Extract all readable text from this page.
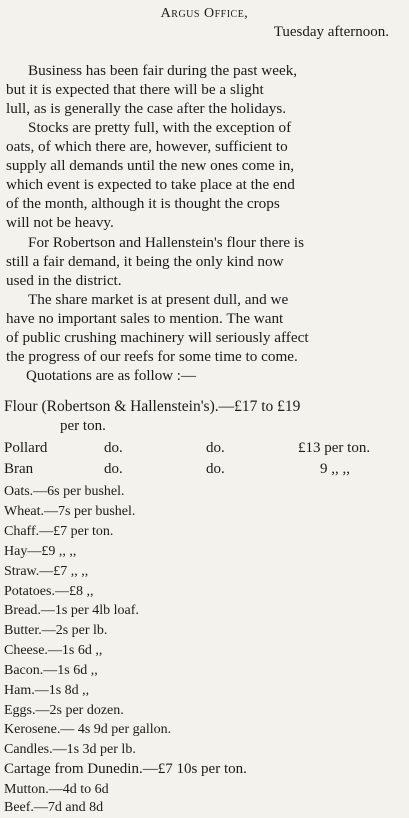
Argus Office,
Tuesday afternoon.
Business has been fair during the past week,
but it is expected that there will be a slight
lull, as is generally the case after the holidays.
Stocks are pretty full, with the exception of
oats, of which there are, however, sufficient to
supply all demands until the new ones come in,
which event is expected to take place at the end
of the month, although it is thought the crops
will not be heavy.
For Robertson and Hallenstein's flour there is
still a fair demand, it being the only kind now
used in the district.
The share market is at present dull, and we
have no important sales to mention. The want
of public crushing machinery will seriously affect
the progress of our reefs for some time to come.
Quotations are as follow :—
Flour (Robertson & Hallenstein's).—£17 to £19
per ton.
Pollard	do.	do.	£13 per ton.
Bran	do.	do.	9 ,, ,,
Oats.—6s per bushel.
Wheat.—7s per bushel.
Chaff.—£7 per ton.
Hay—£9 ,, ,,
Straw.—£7 ,, ,,
Potatoes.—£8 ,,
Bread.—1s per 4lb loaf.
Butter.—2s per lb.
Cheese.—1s 6d ,,
Bacon.—1s 6d ,,
Ham.—1s 8d ,,
Eggs.—2s per dozen.
Kerosene.— 4s 9d per gallon.
Candles.—1s 3d per lb.
Cartage from Dunedin.—£7 10s per ton.
Mutton.—4d to 6d
Beef.—7d and 8d
